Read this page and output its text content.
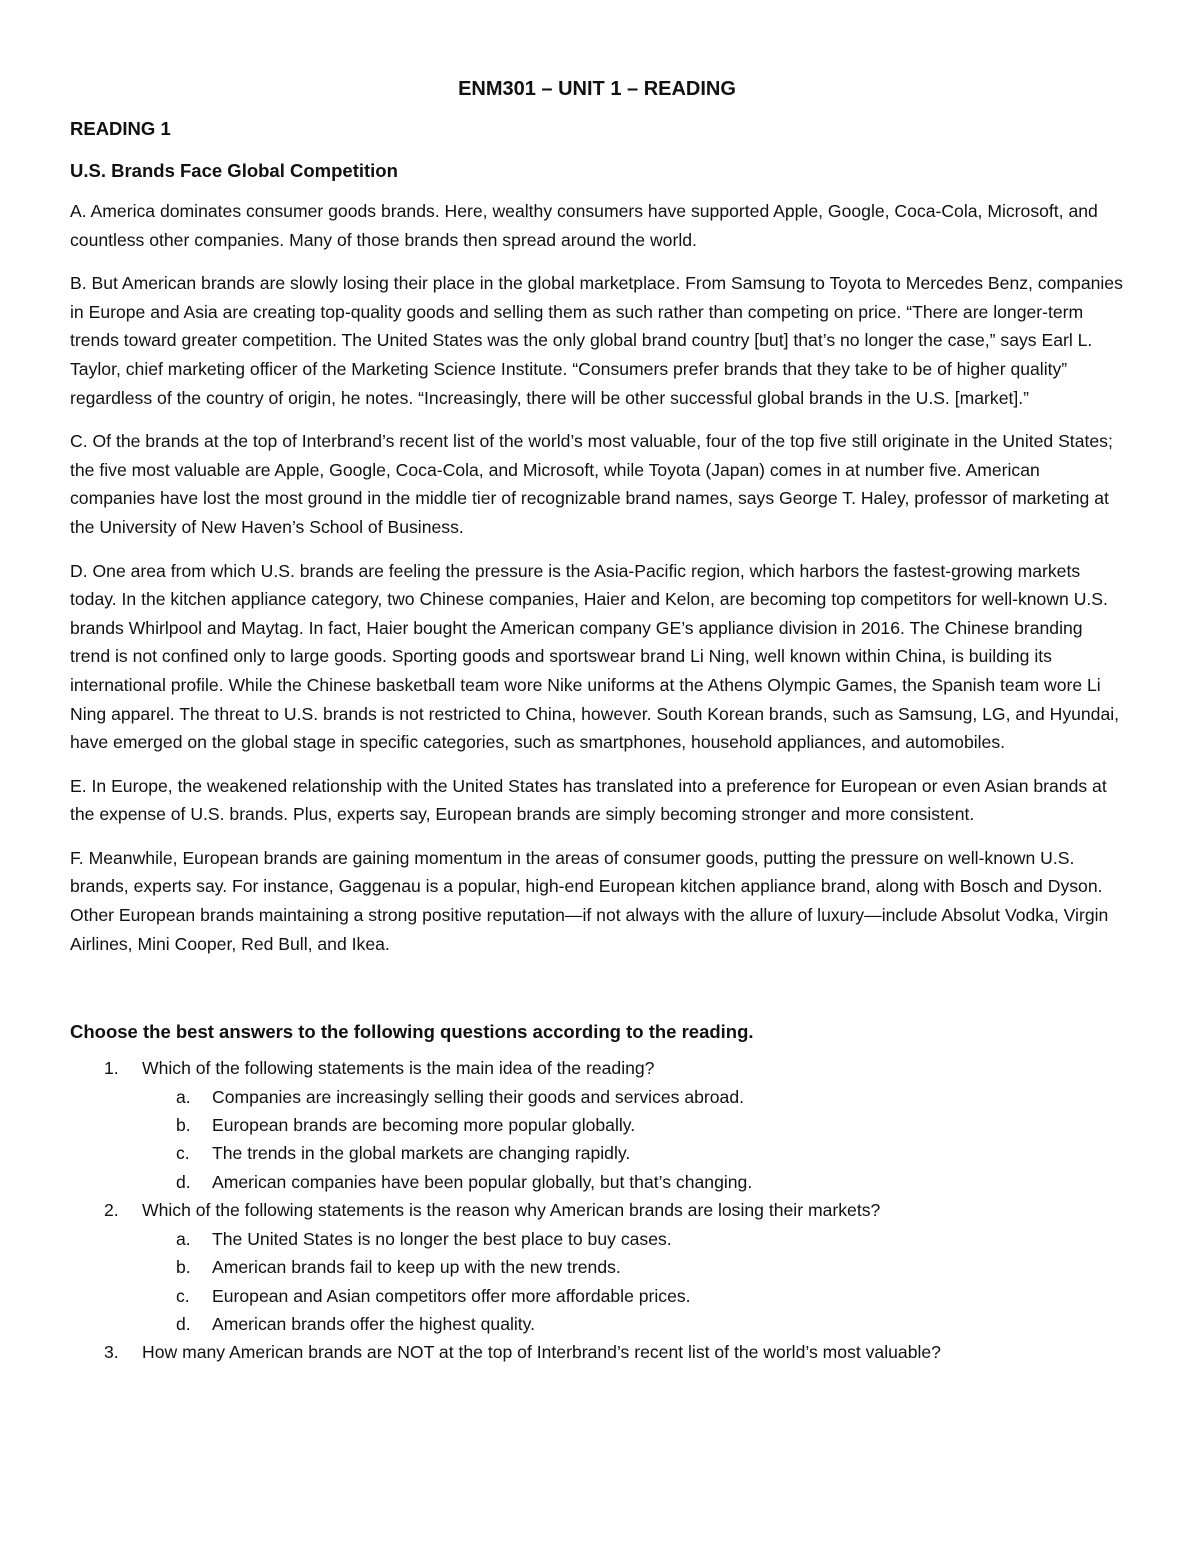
ENM301 – UNIT 1 – READING
READING 1
U.S. Brands Face Global Competition

A. America dominates consumer goods brands. Here, wealthy consumers have supported Apple, Google, Coca-Cola, Microsoft, and countless other companies. Many of those brands then spread around the world.

B. But American brands are slowly losing their place in the global marketplace. From Samsung to Toyota to Mercedes Benz, companies in Europe and Asia are creating top-quality goods and selling them as such rather than competing on price. “There are longer-term trends toward greater competition. The United States was the only global brand country [but] that’s no longer the case,” says Earl L. Taylor, chief marketing officer of the Marketing Science Institute. “Consumers prefer brands that they take to be of higher quality” regardless of the country of origin, he notes. “Increasingly, there will be other successful global brands in the U.S. [market].”

C. Of the brands at the top of Interbrand’s recent list of the world’s most valuable, four of the top five still originate in the United States; the five most valuable are Apple, Google, Coca-Cola, and Microsoft, while Toyota (Japan) comes in at number five. American companies have lost the most ground in the middle tier of recognizable brand names, says George T. Haley, professor of marketing at the University of New Haven’s School of Business.

D. One area from which U.S. brands are feeling the pressure is the Asia-Pacific region, which harbors the fastest-growing markets today. In the kitchen appliance category, two Chinese companies, Haier and Kelon, are becoming top competitors for well-known U.S. brands Whirlpool and Maytag. In fact, Haier bought the American company GE’s appliance division in 2016. The Chinese branding trend is not confined only to large goods. Sporting goods and sportswear brand Li Ning, well known within China, is building its international profile. While the Chinese basketball team wore Nike uniforms at the Athens Olympic Games, the Spanish team wore Li Ning apparel. The threat to U.S. brands is not restricted to China, however. South Korean brands, such as Samsung, LG, and Hyundai, have emerged on the global stage in specific categories, such as smartphones, household appliances, and automobiles.

E. In Europe, the weakened relationship with the United States has translated into a preference for European or even Asian brands at the expense of U.S. brands. Plus, experts say, European brands are simply becoming stronger and more consistent.

F. Meanwhile, European brands are gaining momentum in the areas of consumer goods, putting the pressure on well-known U.S. brands, experts say. For instance, Gaggenau is a popular, high-end European kitchen appliance brand, along with Bosch and Dyson. Other European brands maintaining a strong positive reputation—if not always with the allure of luxury—include Absolut Vodka, Virgin Airlines, Mini Cooper, Red Bull, and Ikea.

Choose the best answers to the following questions according to the reading.
1. Which of the following statements is the main idea of the reading?
a. Companies are increasingly selling their goods and services abroad.
b. European brands are becoming more popular globally.
c. The trends in the global markets are changing rapidly.
d. American companies have been popular globally, but that’s changing.
2. Which of the following statements is the reason why American brands are losing their markets?
a. The United States is no longer the best place to buy cases.
b. American brands fail to keep up with the new trends.
c. European and Asian competitors offer more affordable prices.
d. American brands offer the highest quality.
3. How many American brands are NOT at the top of Interbrand’s recent list of the world’s most valuable?
